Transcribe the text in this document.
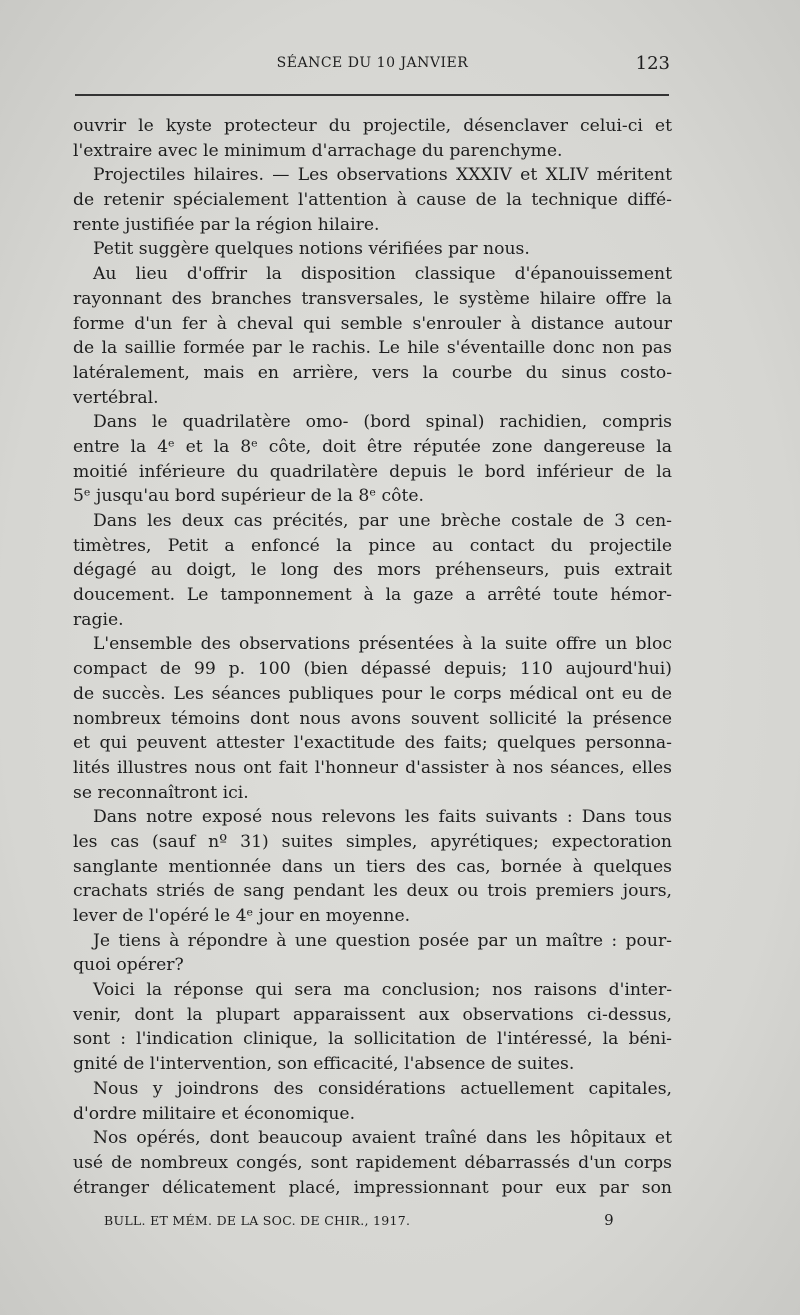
SÉANCE DU 10 JANVIER	123
ouvrir le kyste protecteur du projectile, désenclaver celui-ci et
l'extraire avec le minimum d'arrachage du parenchyme.
Projectiles hilaires. — Les observations XXXIV et XLIV méritent
de retenir spécialement l'attention à cause de la technique diffé-
rente justifiée par la région hilaire.
Petit suggère quelques notions vérifiées par nous.
Au lieu d'offrir la disposition classique d'épanouissement
rayonnant des branches transversales, le système hilaire offre la
forme d'un fer à cheval qui semble s'enrouler à distance autour
de la saillie formée par le rachis. Le hile s'éventaille donc non pas
latéralement, mais en arrière, vers la courbe du sinus costo-
vertébral.
Dans le quadrilatère omo- (bord spinal) rachidien, compris
entre la 4ᵉ et la 8ᵉ côte, doit être réputée zone dangereuse la
moitié inférieure du quadrilatère depuis le bord inférieur de la
5ᵉ jusqu'au bord supérieur de la 8ᵉ côte.
Dans les deux cas précités, par une brèche costale de 3 cen-
timètres, Petit a enfoncé la pince au contact du projectile
dégagé au doigt, le long des mors préhenseurs, puis extrait
doucement. Le tamponnement à la gaze a arrêté toute hémor-
ragie.
L'ensemble des observations présentées à la suite offre un bloc
compact de 99 p. 100 (bien dépassé depuis; 110 aujourd'hui)
de succès. Les séances publiques pour le corps médical ont eu de
nombreux témoins dont nous avons souvent sollicité la présence
et qui peuvent attester l'exactitude des faits; quelques personna-
lités illustres nous ont fait l'honneur d'assister à nos séances, elles
se reconnaîtront ici.
Dans notre exposé nous relevons les faits suivants : Dans tous
les cas (sauf nº 31) suites simples, apyrétiques; expectoration
sanglante mentionnée dans un tiers des cas, bornée à quelques
crachats striés de sang pendant les deux ou trois premiers jours,
lever de l'opéré le 4ᵉ jour en moyenne.
Je tiens à répondre à une question posée par un maître : pour-
quoi opérer?
Voici la réponse qui sera ma conclusion; nos raisons d'inter-
venir, dont la plupart apparaissent aux observations ci-dessus,
sont : l'indication clinique, la sollicitation de l'intéressé, la béni-
gnité de l'intervention, son efficacité, l'absence de suites.
Nous y joindrons des considérations actuellement capitales,
d'ordre militaire et économique.
Nos opérés, dont beaucoup avaient traîné dans les hôpitaux et
usé de nombreux congés, sont rapidement débarrassés d'un corps
étranger délicatement placé, impressionnant pour eux par son
BULL. ET MÉM. DE LA SOC. DE CHIR., 1917.	9
